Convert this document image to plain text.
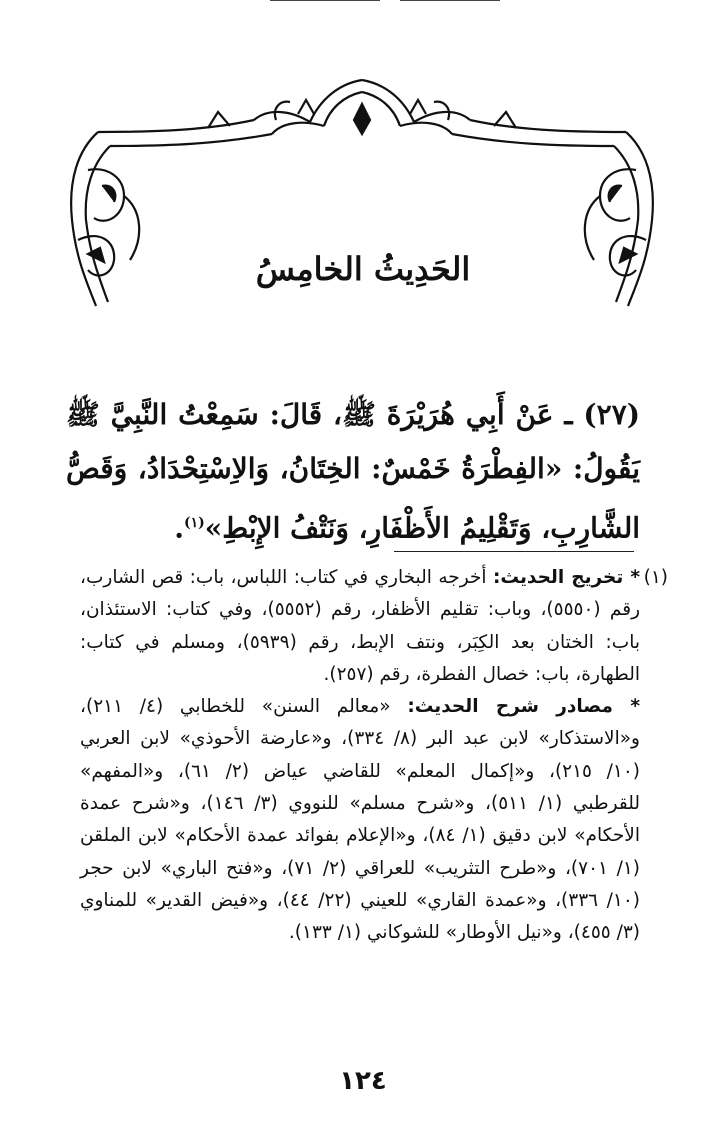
الحَدِيثُ الخامِسُ
(٢٧) ـ عَنْ أَبِي هُرَيْرَةَ ﷺ، قَالَ: سَمِعْتُ النَّبِيَّ ﷺ يَقُولُ: «الفِطْرَةُ خَمْسٌ: الخِتَانُ، وَالاِسْتِحْدَادُ، وَقَصُّ الشَّارِبِ، وَتَقْلِيمُ الأَظْفَارِ، وَنَتْفُ الإِبْطِ»$^{(١)}$.
(١)
* تخريج الحديث: أخرجه البخاري في كتاب: اللباس، باب: قص الشارب، رقم (٥٥٥٠)، وباب: تقليم الأظفار، رقم (٥٥٥٢)، وفي كتاب: الاستئذان، باب: الختان بعد الكِبَر، ونتف الإبط، رقم (٥٩٣٩)، ومسلم في كتاب: الطهارة، باب: خصال الفطرة، رقم (٢٥٧).
* مصادر شرح الحديث: «معالم السنن» للخطابي (٤/ ٢١١)، و«الاستذكار» لابن عبد البر (٨/ ٣٣٤)، و«عارضة الأحوذي» لابن العربي (١٠/ ٢١٥)، و«إكمال المعلم» للقاضي عياض (٢/ ٦١)، و«المفهم» للقرطبي (١/ ٥١١)، و«شرح مسلم» للنووي (٣/ ١٤٦)، و«شرح عمدة الأحكام» لابن دقيق (١/ ٨٤)، و«الإعلام بفوائد عمدة الأحكام» لابن الملقن (١/ ٧٠١)، و«طرح التثريب» للعراقي (٢/ ٧١)، و«فتح الباري» لابن حجر (١٠/ ٣٣٦)، و«عمدة القاري» للعيني (٢٢/ ٤٤)، و«فيض القدير» للمناوي (٣/ ٤٥٥)، و«نيل الأوطار» للشوكاني (١/ ١٣٣).
١٢٤
